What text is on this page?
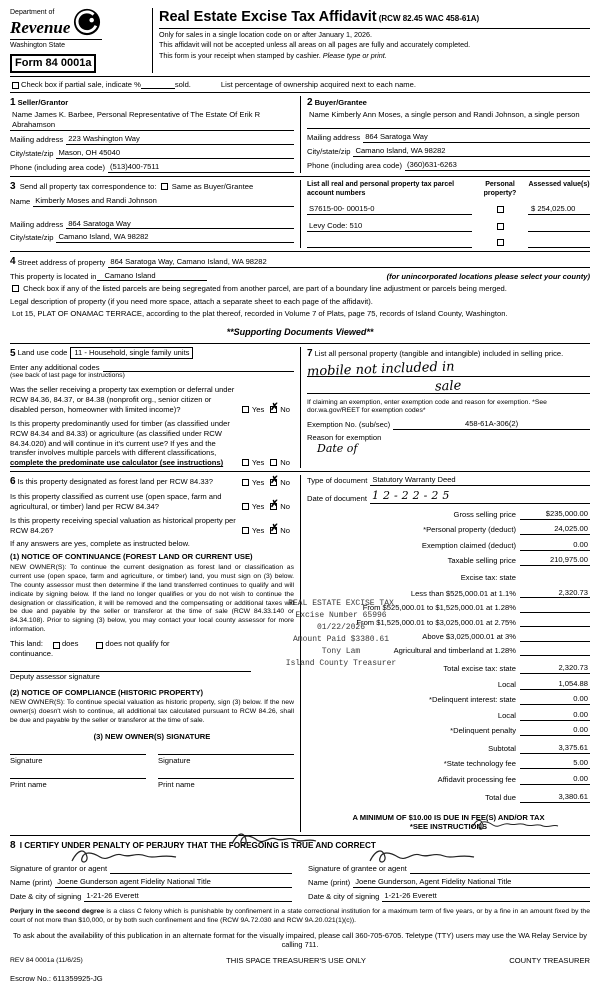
Department of
Revenue
Washington State
Form 84 0001a
Real Estate Excise Tax Affidavit (RCW 82.45 WAC 458-61A)
Only for sales in a single location code on or after January 1, 2026.
This affidavit will not be accepted unless all areas on all pages are fully and accurately completed.
This form is your receipt when stamped by cashier. Please type or print.
Check box if partial sale, indicate %	sold.	List percentage of ownership acquired next to each name.
1 Seller/Grantor
Name James K. Barbee, Personal Representative of The Estate Of Erik R Abrahamson
Mailing address 223 Washington Way
City/state/zip Mason, OH 45040
Phone (including area code) (513)400-7511
2 Buyer/Grantee
Name Kimberly Ann Moses, a single person and Randi Johnson, a single person
Mailing address 864 Saratoga Way
City/state/zip Camano Island, WA 98282
Phone (including area code) (360)631-6263
3 Send all property tax correspondence to: Same as Buyer/Grantee
Name Kimberly Moses and Randi Johnson
Mailing address 864 Saratoga Way
City/state/zip Camano Island, WA 98282
List all real and personal property tax parcel account numbers
Personal property?
Assessed value(s)
S7615-00- 00015-0	$ 254,025.00
Levy Code: 510
4 Street address of property 864 Saratoga Way, Camano Island, WA 98282
This property is located in	Camano Island	(for unincorporated locations please select your county)
Check box if any of the listed parcels are being segregated from another parcel, are part of a boundary line adjustment or parcels being merged.
Legal description of property (if you need more space, attach a separate sheet to each page of the affidavit).
Lot 15, PLAT OF ONAMAC TERRACE, according to the plat thereof, recorded in Volume 7 of Plats, page 75, records of Island County, Washington.
**Supporting Documents Viewed**
5 Land use code 11 - Household, single family units
Enter any additional codes
(see back of last page for instructions)
Was the seller receiving a property tax exemption or deferral under RCW 84.36, 84.37, or 84.38 (nonprofit org., senior citizen or disabled person, homeowner with limited income)?	Yes ✗ No
Is this property predominantly used for timber (as classified under RCW 84.34 and 84.33) or agriculture (as classified under RCW 84.34.020) and will continue in it's current use? If yes and the transfer involves multiple parcels with different classifications, complete the predominate use calculator (see instructions)	Yes No
7 List all personal property (tangible and intangible) included in selling price.
mobile not included in
sale
If claiming an exemption, enter exemption code and reason for exemption. *See dor.wa.gov/REET for exemption codes*
Exemption No. (sub/sec)	458-61A-306(2)
Reason for exemption
Date of
6 Is this property designated as forest land per RCW 84.33?	Yes ✗ No
Is this property classified as current use (open space, farm and agricultural, or timber) land per RCW 84.34?	Yes ✗ No
Is this property receiving special valuation as historical property per RCW 84.26?	Yes ✗ No
If any answers are yes, complete as instructed below.
(1) NOTICE OF CONTINUANCE (FOREST LAND OR CURRENT USE)
NEW OWNER(S): To continue the current designation as forest land or classification as current use (open space, farm and agriculture, or timber) land, you must sign on (3) below. The county assessor must then determine if the land transferred continues to qualify and will indicate by signing below. If the land no longer qualifies or you do not wish to continue the designation or classification, it will be removed and the compensating or additional taxes will be due and payable by the seller or transferor at the time of sale (RCW 84.33.140 or 84.34.108). Prior to signing (3) below, you may contact your local county assessor for more information.
This land:	does	does not qualify for
continuance.
Deputy assessor signature
(2) NOTICE OF COMPLIANCE (HISTORIC PROPERTY)
NEW OWNER(S): To continue special valuation as historic property, sign (3) below. If the new owner(s) doesn't wish to continue, all additional tax calculated pursuant to RCW 84.26, shall be due and payable by the seller or transferor at the time of sale.
(3) NEW OWNER(S) SIGNATURE
Signature	Signature
Print name	Print name
Type of document Statutory Warranty Deed
Date of document 12-22-25
Gross selling price	$235,000.00
*Personal property (deduct)	24,025.00
Exemption claimed (deduct)	0.00
Taxable selling price	210,975.00
Excise tax: state
Less than $525,000.01 at 1.1%	2,320.73
From $525,000.01 to $1,525,000.01 at 1.28%
From $1,525,000.01 to $3,025,000.01 at 2.75%
Above $3,025,000.01 at 3%
Agricultural and timberland at 1.28%
Total excise tax: state	2,320.73
Local	1,054.88
*Delinquent interest: state	0.00
Local	0.00
*Delinquent penalty	0.00
Subtotal	3,375.61
*State technology fee	5.00
Affidavit processing fee	0.00
Total due	3,380.61
A MINIMUM OF $10.00 IS DUE IN FEE(S) AND/OR TAX
*SEE INSTRUCTIONS
REAL ESTATE EXCISE TAX
Excise Number 65996
01/22/2026
Amount Paid $3380.61
Tony Lam
Island County Treasurer
8 I CERTIFY UNDER PENALTY OF PERJURY THAT THE FOREGOING IS TRUE AND CORRECT
Signature of grantor or agent
Name (print) Joene Gunderson agent Fidelity National Title
Date & city of signing 1-21-26 Everett
Signature of grantee or agent
Name (print) Joene Gunderson, Agent Fidelity National Title
Date & city of signing 1-21-26 Everett
Perjury in the second degree is a class C felony which is punishable by confinement in a state correctional institution for a maximum term of five years, or by a fine in an amount fixed by the court of not more than $10,000, or by both such confinement and fine (RCW 9A.72.030 and RCW 9A.20.021(1)(c)).
To ask about the availability of this publication in an alternate format for the visually impaired, please call 360-705-6705. Teletype (TTY) users may use the WA Relay Service by calling 711.
REV 84 0001a (11/6/25)	THIS SPACE TREASURER'S USE ONLY	COUNTY TREASURER
Escrow No.: 611359925-JG
